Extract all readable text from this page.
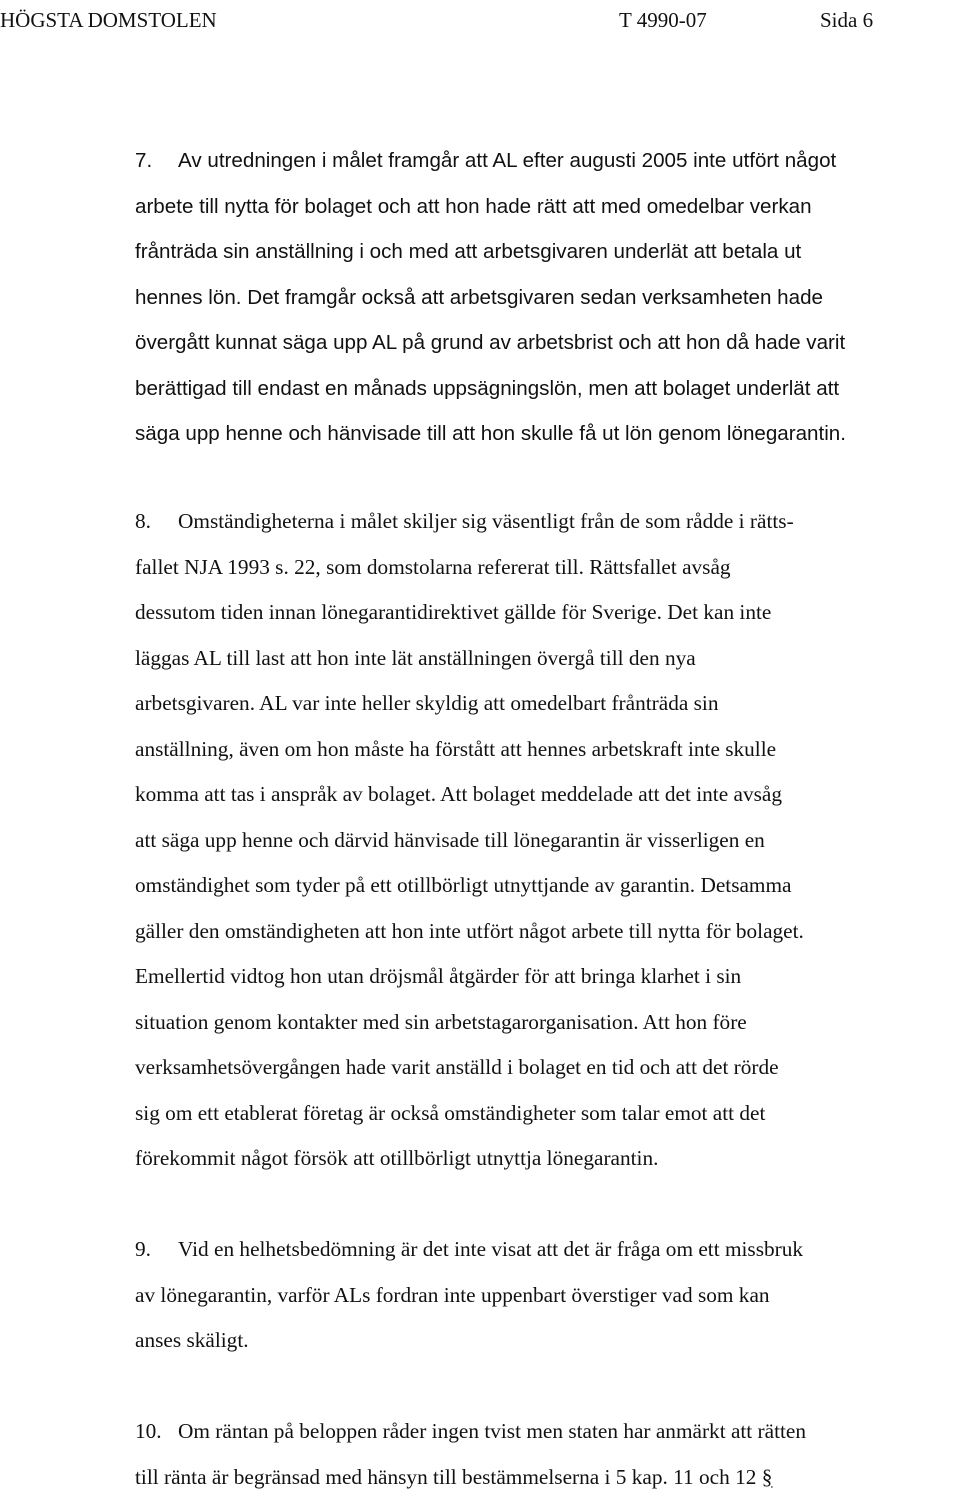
HÖGSTA DOMSTOLEN	T 4990-07	Sida 6
7. Av utredningen i målet framgår att AL efter augusti 2005 inte utfört något
arbete till nytta för bolaget och att hon hade rätt att med omedelbar verkan
frånträda sin anställning i och med att arbetsgivaren underlät att betala ut
hennes lön. Det framgår också att arbetsgivaren sedan verksamheten hade
övergått kunnat säga upp AL på grund av arbetsbrist och att hon då hade varit
berättigad till endast en månads uppsägningslön, men att bolaget underlät att
säga upp henne och hänvisade till att hon skulle få ut lön genom lönegarantin.
8. Omständigheterna i målet skiljer sig väsentligt från de som rådde i rätts-
fallet NJA 1993 s. 22, som domstolarna refererat till. Rättsfallet avsåg
dessutom tiden innan lönegarantidirektivet gällde för Sverige. Det kan inte
läggas AL till last att hon inte lät anställningen övergå till den nya
arbetsgivaren. AL var inte heller skyldig att omedelbart frånträda sin
anställning, även om hon måste ha förstått att hennes arbetskraft inte skulle
komma att tas i anspråk av bolaget. Att bolaget meddelade att det inte avsåg
att säga upp henne och därvid hänvisade till lönegarantin är visserligen en
omständighet som tyder på ett otillbörligt utnyttjande av garantin. Detsamma
gäller den omständigheten att hon inte utfört något arbete till nytta för bolaget.
Emellertid vidtog hon utan dröjsmål åtgärder för att bringa klarhet i sin
situation genom kontakter med sin arbetstagarorganisation. Att hon före
verksamhetsövergången hade varit anställd i bolaget en tid och att det rörde
sig om ett etablerat företag är också omständigheter som talar emot att det
förekommit något försök att otillbörligt utnyttja lönegarantin.
9. Vid en helhetsbedömning är det inte visat att det är fråga om ett missbruk
av lönegarantin, varför ALs fordran inte uppenbart överstiger vad som kan
anses skäligt.
10. Om räntan på beloppen råder ingen tvist men staten har anmärkt att rätten
till ränta är begränsad med hänsyn till bestämmelserna i 5 kap. 11 och 12 §
